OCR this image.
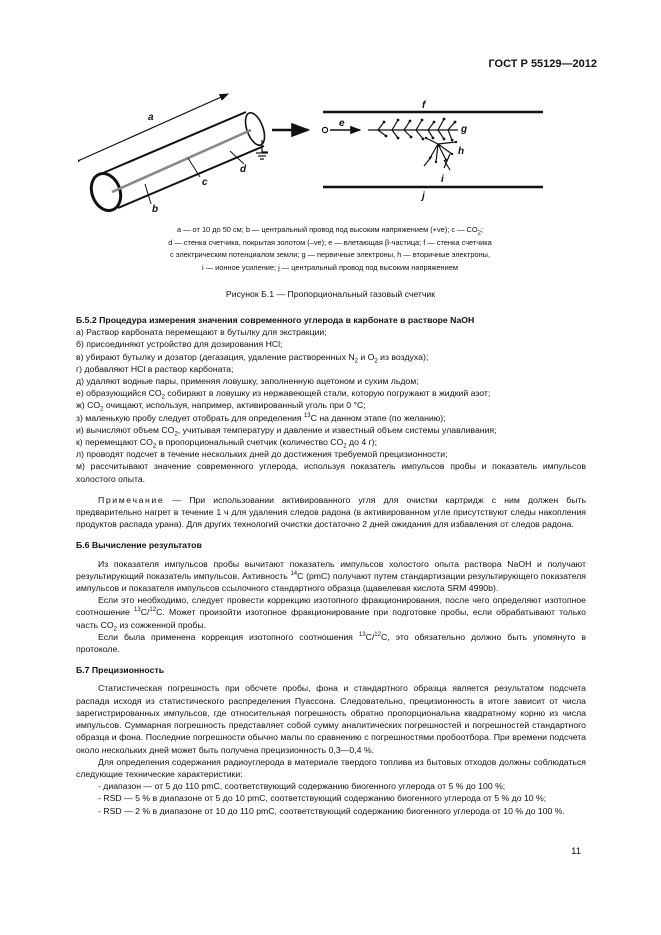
ГОСТ Р 55129—2012
a
b
c
d
e
f
g
h
i
j

a — от 10 до 50 см; b — центральный провод под высоким напряжением (+ve); c — $CO_2$;

d — стенка счетчика, покрытая золотом (–ve); e — влетающая β-частица; f — стенка счетчика

с электрическим потенциалом земли; g — первичные электроны, h — вторичные электроны,

i — ионное усиление; j — центральный провод под высоким напряжением

Рисунок Б.1 — Пропорциональный газовый счетчик
Б.5.2 Процедура измерения значения современного углерода в карбонате в растворе NaOH

а) Раствор карбоната перемещают в бутылку для экстракции;

б) присоединяют устройство для дозирования HCl;

в) убирают бутылку и дозатор (дегазация, удаление растворенных $N_2$ и $O_2$ из воздуха);

г) добавляют HCl в раствор карбоната;

д) удаляют водные пары, применяя ловушку, заполненную ацетоном и сухим льдом;

е) образующийся $CO_2$ собирают в ловушку из нержавеющей стали, которую погружают в жидкий азот;

ж) $CO_2$ очищают, используя, например, активированный уголь при 0 °C;

з) маленькую пробу следует отобрать для определения $^{13}$C на данном этапе (по желанию);

и) вычисляют объем $CO_2$, учитывая температуру и давление и известный объем системы улавливания;

к) перемещают $CO_2$ в пропорциональный счетчик (количество $CO_2$ до 4 г);

л) проводят подсчет в течение нескольких дней до достижения требуемой прецизионности;

м) рассчитывают значение современного углерода, используя показатель импульсов пробы и показатель импульсов холостого опыта.

Примечание — При использовании активированного угля для очистки картридж с ним должен быть предварительно нагрет в течение 1 ч для удаления следов радона (в активированном угле присутствуют следы накопления продуктов распада урана). Для других технологий очистки достаточно 2 дней ожидания для избавления от следов радона.

Б.6 Вычисление результатов

Из показателя импульсов пробы вычитают показатель импульсов холостого опыта раствора NaOH и получают результирующий показатель импульсов. Активность $^{14}$C (pmC) получают путем стандартизации результирующего показателя импульсов и показателя импульсов ссылочного стандартного образца (щавелевая кислота SRM 4990b).

Если это необходимо, следует провести коррекцию изотопного фракционирования, после чего определяют изотопное соотношение $^{13}$C/$^{12}$C. Может произойти изотопное фракционирование при подготовке пробы, если обрабатывают только часть $CO_2$ из сожженной пробы.

Если была применена коррекция изотопного соотношения $^{13}$C/$^{12}$C, это обязательно должно быть упомянуто в протоколе.

Б.7 Прецизионность

Статистическая погрешность при обсчете пробы, фона и стандартного образца является результатом подсчета распада исходя из статистического распределения Пуассона. Следовательно, прецизионность в итоге зависит от числа зарегистрированных импульсов, где относительная погрешность обратно пропорциональна квадратному корню из числа импульсов. Суммарная погрешность представляет собой сумму аналитических погрешностей и погрешностей стандартного образца и фона. Последние погрешности обычно малы по сравнению с погрешностями пробоотбора. При времени подсчета около нескольких дней может быть получена прецизионность 0,3—0,4 %.

Для определения содержания радиоуглерода в материале твердого топлива из бытовых отходов должны соблюдаться следующие технические характеристики:

- диапазон — от 5 до 110 pmC, соответствующий содержанию биогенного углерода от 5 % до 100 %;

- RSD — 5 % в диапазоне от 5 до 10 pmC, соответствующий содержанию биогенного углерода от 5 % до 10 %;

- RSD — 2 % в диапазоне от 10 до 110 pmC, соответствующий содержанию биогенного углерода от 10 % до 100 %.

11
